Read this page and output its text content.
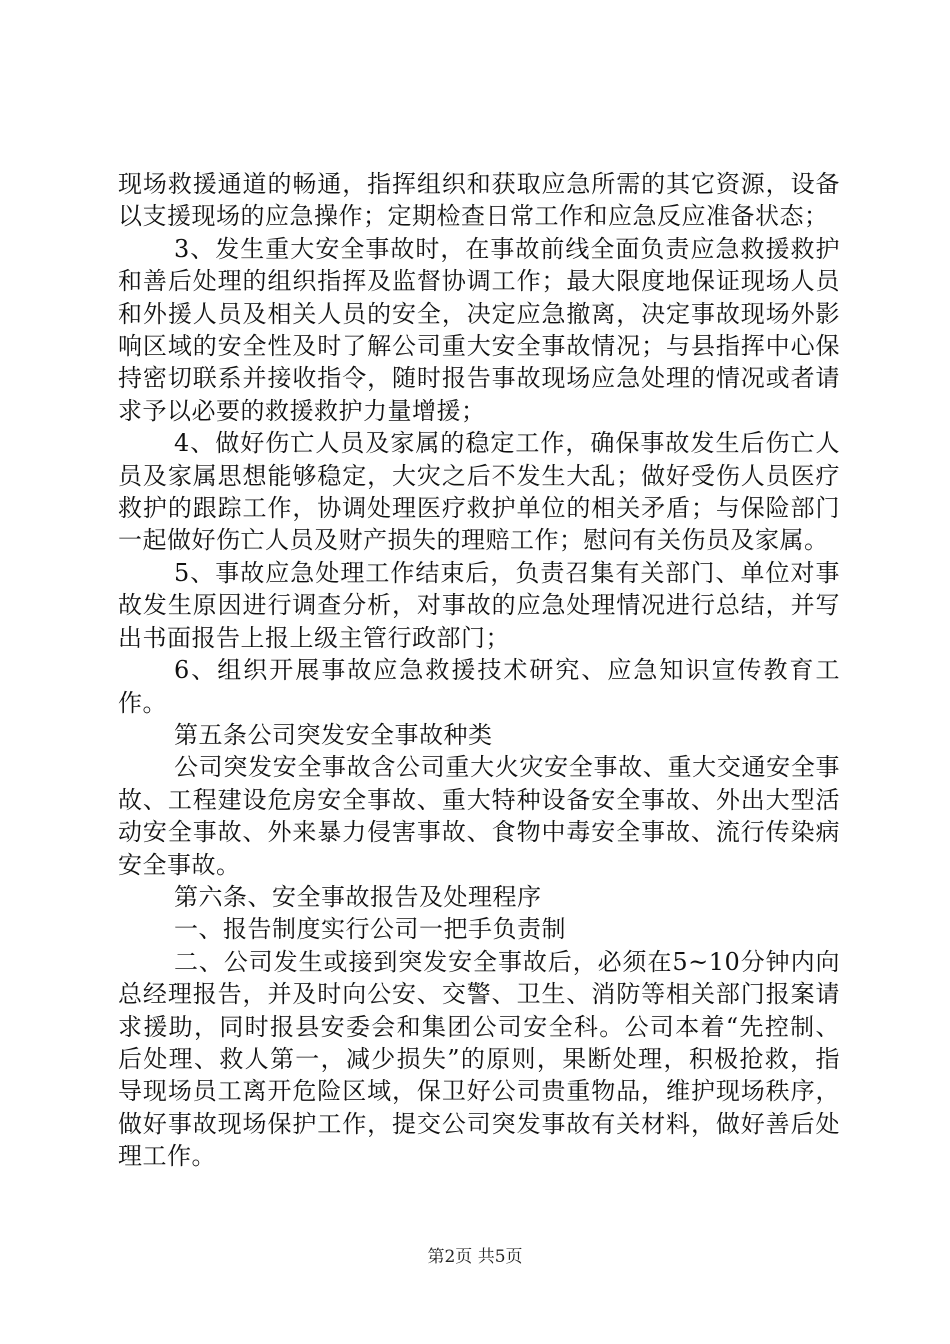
现场救援通道的畅通，指挥组织和获取应急所需的其它资源，设备以支援现场的应急操作；定期检查日常工作和应急反应准备状态；

3、发生重大安全事故时，在事故前线全面负责应急救援救护和善后处理的组织指挥及监督协调工作；最大限度地保证现场人员和外援人员及相关人员的安全，决定应急撤离，决定事故现场外影响区域的安全性及时了解公司重大安全事故情况；与县指挥中心保持密切联系并接收指令，随时报告事故现场应急处理的情况或者请求予以必要的救援救护力量增援；

4、做好伤亡人员及家属的稳定工作，确保事故发生后伤亡人员及家属思想能够稳定，大灾之后不发生大乱；做好受伤人员医疗救护的跟踪工作，协调处理医疗救护单位的相关矛盾；与保险部门一起做好伤亡人员及财产损失的理赔工作；慰问有关伤员及家属。

5、事故应急处理工作结束后，负责召集有关部门、单位对事故发生原因进行调查分析，对事故的应急处理情况进行总结，并写出书面报告上报上级主管行政部门；

6、组织开展事故应急救援技术研究、应急知识宣传教育工作。

第五条公司突发安全事故种类

公司突发安全事故含公司重大火灾安全事故、重大交通安全事故、工程建设危房安全事故、重大特种设备安全事故、外出大型活动安全事故、外来暴力侵害事故、食物中毒安全事故、流行传染病安全事故。

第六条、安全事故报告及处理程序

一、报告制度实行公司一把手负责制

二、公司发生或接到突发安全事故后，必须在5~10分钟内向总经理报告，并及时向公安、交警、卫生、消防等相关部门报案请求援助，同时报县安委会和集团公司安全科。公司本着“先控制、后处理、救人第一，减少损失”的原则，果断处理，积极抢救，指导现场员工离开危险区域，保卫好公司贵重物品，维护现场秩序，做好事故现场保护工作，提交公司突发事故有关材料，做好善后处理工作。

第2页 共5页
